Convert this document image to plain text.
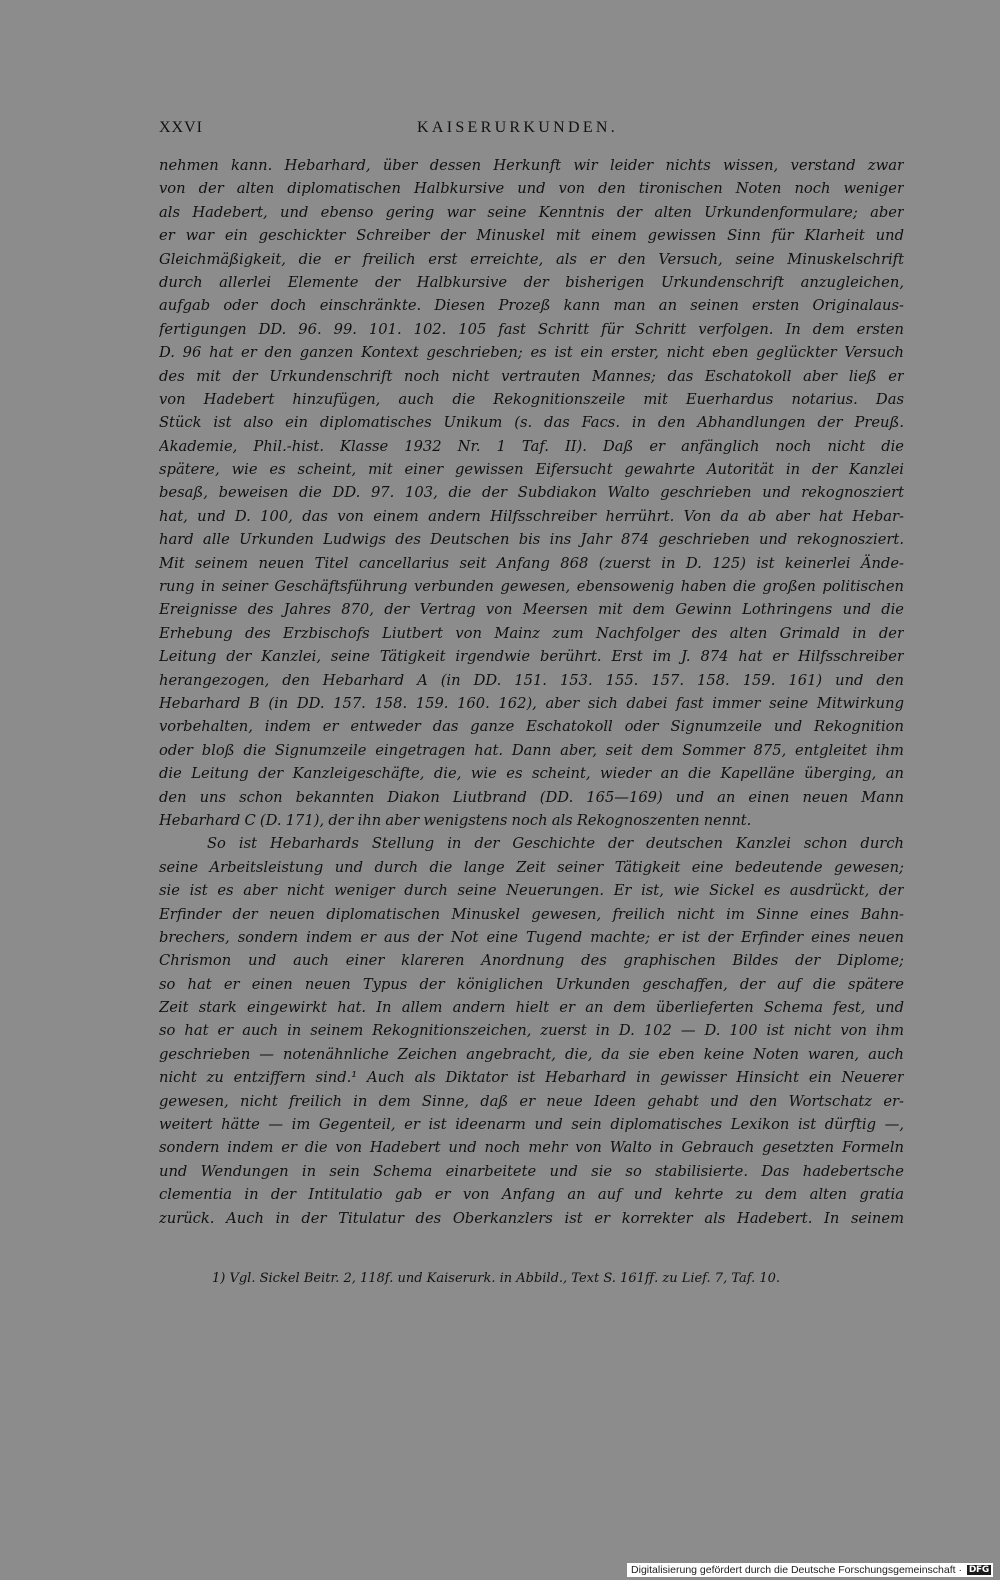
XXVI	KAISERURKUNDEN.
nehmen kann. Hebarhard, über dessen Herkunft wir leider nichts wissen, verstand zwar
von der alten diplomatischen Halbkursive und von den tironischen Noten noch weniger
als Hadebert, und ebenso gering war seine Kenntnis der alten Urkundenformulare; aber
er war ein geschickter Schreiber der Minuskel mit einem gewissen Sinn für Klarheit und
Gleichmäßigkeit, die er freilich erst erreichte, als er den Versuch, seine Minuskelschrift
durch allerlei Elemente der Halbkursive der bisherigen Urkundenschrift anzugleichen,
aufgab oder doch einschränkte. Diesen Prozeß kann man an seinen ersten Originalaus-
fertigungen DD. 96. 99. 101. 102. 105 fast Schritt für Schritt verfolgen. In dem ersten
D. 96 hat er den ganzen Kontext geschrieben; es ist ein erster, nicht eben geglückter Versuch
des mit der Urkundenschrift noch nicht vertrauten Mannes; das Eschatokoll aber ließ er
von Hadebert hinzufügen, auch die Rekognitionszeile mit Euerhardus notarius. Das
Stück ist also ein diplomatisches Unikum (s. das Facs. in den Abhandlungen der Preuß.
Akademie, Phil.-hist. Klasse 1932 Nr. 1 Taf. II). Daß er anfänglich noch nicht die
spätere, wie es scheint, mit einer gewissen Eifersucht gewahrte Autorität in der Kanzlei
besaß, beweisen die DD. 97. 103, die der Subdiakon Walto geschrieben und rekognosziert
hat, und D. 100, das von einem andern Hilfsschreiber herrührt. Von da ab aber hat Hebar-
hard alle Urkunden Ludwigs des Deutschen bis ins Jahr 874 geschrieben und rekognosziert.
Mit seinem neuen Titel cancellarius seit Anfang 868 (zuerst in D. 125) ist keinerlei Ände-
rung in seiner Geschäftsführung verbunden gewesen, ebensowenig haben die großen politischen
Ereignisse des Jahres 870, der Vertrag von Meersen mit dem Gewinn Lothringens und die
Erhebung des Erzbischofs Liutbert von Mainz zum Nachfolger des alten Grimald in der
Leitung der Kanzlei, seine Tätigkeit irgendwie berührt. Erst im J. 874 hat er Hilfsschreiber
herangezogen, den Hebarhard A (in DD. 151. 153. 155. 157. 158. 159. 161) und den
Hebarhard B (in DD. 157. 158. 159. 160. 162), aber sich dabei fast immer seine Mitwirkung
vorbehalten, indem er entweder das ganze Eschatokoll oder Signumzeile und Rekognition
oder bloß die Signumzeile eingetragen hat. Dann aber, seit dem Sommer 875, entgleitet ihm
die Leitung der Kanzleigeschäfte, die, wie es scheint, wieder an die Kapelläne überging, an
den uns schon bekannten Diakon Liutbrand (DD. 165—169) und an einen neuen Mann
Hebarhard C (D. 171), der ihn aber wenigstens noch als Rekognoszenten nennt.
So ist Hebarhards Stellung in der Geschichte der deutschen Kanzlei schon durch
seine Arbeitsleistung und durch die lange Zeit seiner Tätigkeit eine bedeutende gewesen;
sie ist es aber nicht weniger durch seine Neuerungen. Er ist, wie Sickel es ausdrückt, der
Erfinder der neuen diplomatischen Minuskel gewesen, freilich nicht im Sinne eines Bahn-
brechers, sondern indem er aus der Not eine Tugend machte; er ist der Erfinder eines neuen
Chrismon und auch einer klareren Anordnung des graphischen Bildes der Diplome;
so hat er einen neuen Typus der königlichen Urkunden geschaffen, der auf die spätere
Zeit stark eingewirkt hat. In allem andern hielt er an dem überlieferten Schema fest, und
so hat er auch in seinem Rekognitionszeichen, zuerst in D. 102 — D. 100 ist nicht von ihm
geschrieben — notenähnliche Zeichen angebracht, die, da sie eben keine Noten waren, auch
nicht zu entziffern sind.¹ Auch als Diktator ist Hebarhard in gewisser Hinsicht ein Neuerer
gewesen, nicht freilich in dem Sinne, daß er neue Ideen gehabt und den Wortschatz er-
weitert hätte — im Gegenteil, er ist ideenarm und sein diplomatisches Lexikon ist dürftig —,
sondern indem er die von Hadebert und noch mehr von Walto in Gebrauch gesetzten Formeln
und Wendungen in sein Schema einarbeitete und sie so stabilisierte. Das hadebertsche
clementia in der Intitulatio gab er von Anfang an auf und kehrte zu dem alten gratia
zurück. Auch in der Titulatur des Oberkanzlers ist er korrekter als Hadebert. In seinem
1) Vgl. Sickel Beitr. 2, 118f. und Kaiserurk. in Abbild., Text S. 161ff. zu Lief. 7, Taf. 10.
Digitalisierung gefördert durch die Deutsche Forschungsgemeinschaft · DFG
